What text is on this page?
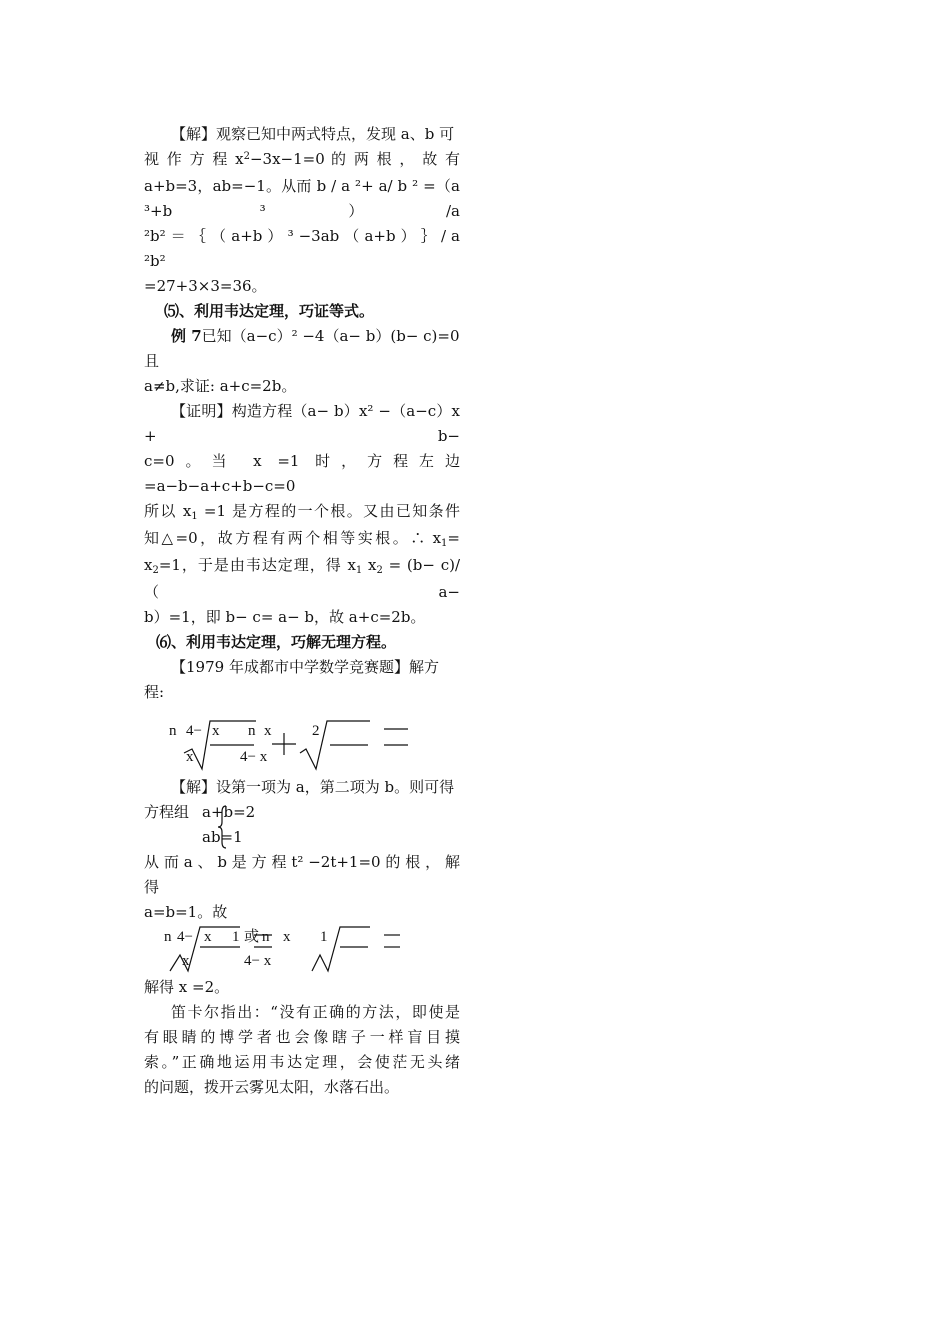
【解】观察已知中两式特点，发现 a、b 可

视 作 方 程 $x^2-3x-1=0$ 的 两 根 ， 故 有

a+b=3，ab=−1。从而 b / a ²+ a/ b ² =（a ³+b ³）/a

²b² ＝ ｛ （ a+b ） ³ −3ab （ a+b ） ｝ / a ²b²

=27+3×3=36。

⑸、利用韦达定理，巧证等式。

例 7已知（a−c）² −4（a− b）(b− c)=0 且

a≠b,求证: a+c=2b。

【证明】构造方程（a− b）x² −（a−c）x + b−

c=0。当 x =1 时，方程左边=a−b−a+c+b−c=0

所以 $x_1 =1$ 是方程的一个根。又由已知条件

知△=0，故方程有两个相等实根。∴ $x_1=$

$x_2=1$，于是由韦达定理，得 $x_1$ $x_2 = (b- c)/(a-$

b）=1，即 b− c= a− b，故 a+c=2b。

⑹、利用韦达定理，巧解无理方程。

【1979 年成都市中学数学竞赛题】解方

程:

n 4− x n x
x	4− x
2

【解】设第一项为 a，第二项为 b。则可得

方程组 a+b=2
ab=1

从 而 a 、 b 是 方 程 t² −2t+1=0 的 根 ， 解 得

a=b=1。故

n 4− x 1 或 n x
x	4− x
1

解得 x =2。

笛卡尔指出：“没有正确的方法，即使是

有眼睛的博学者也会像瞎子一样盲目摸

索。”正确地运用韦达定理，会使茫无头绪

的问题，拨开云雾见太阳，水落石出。
